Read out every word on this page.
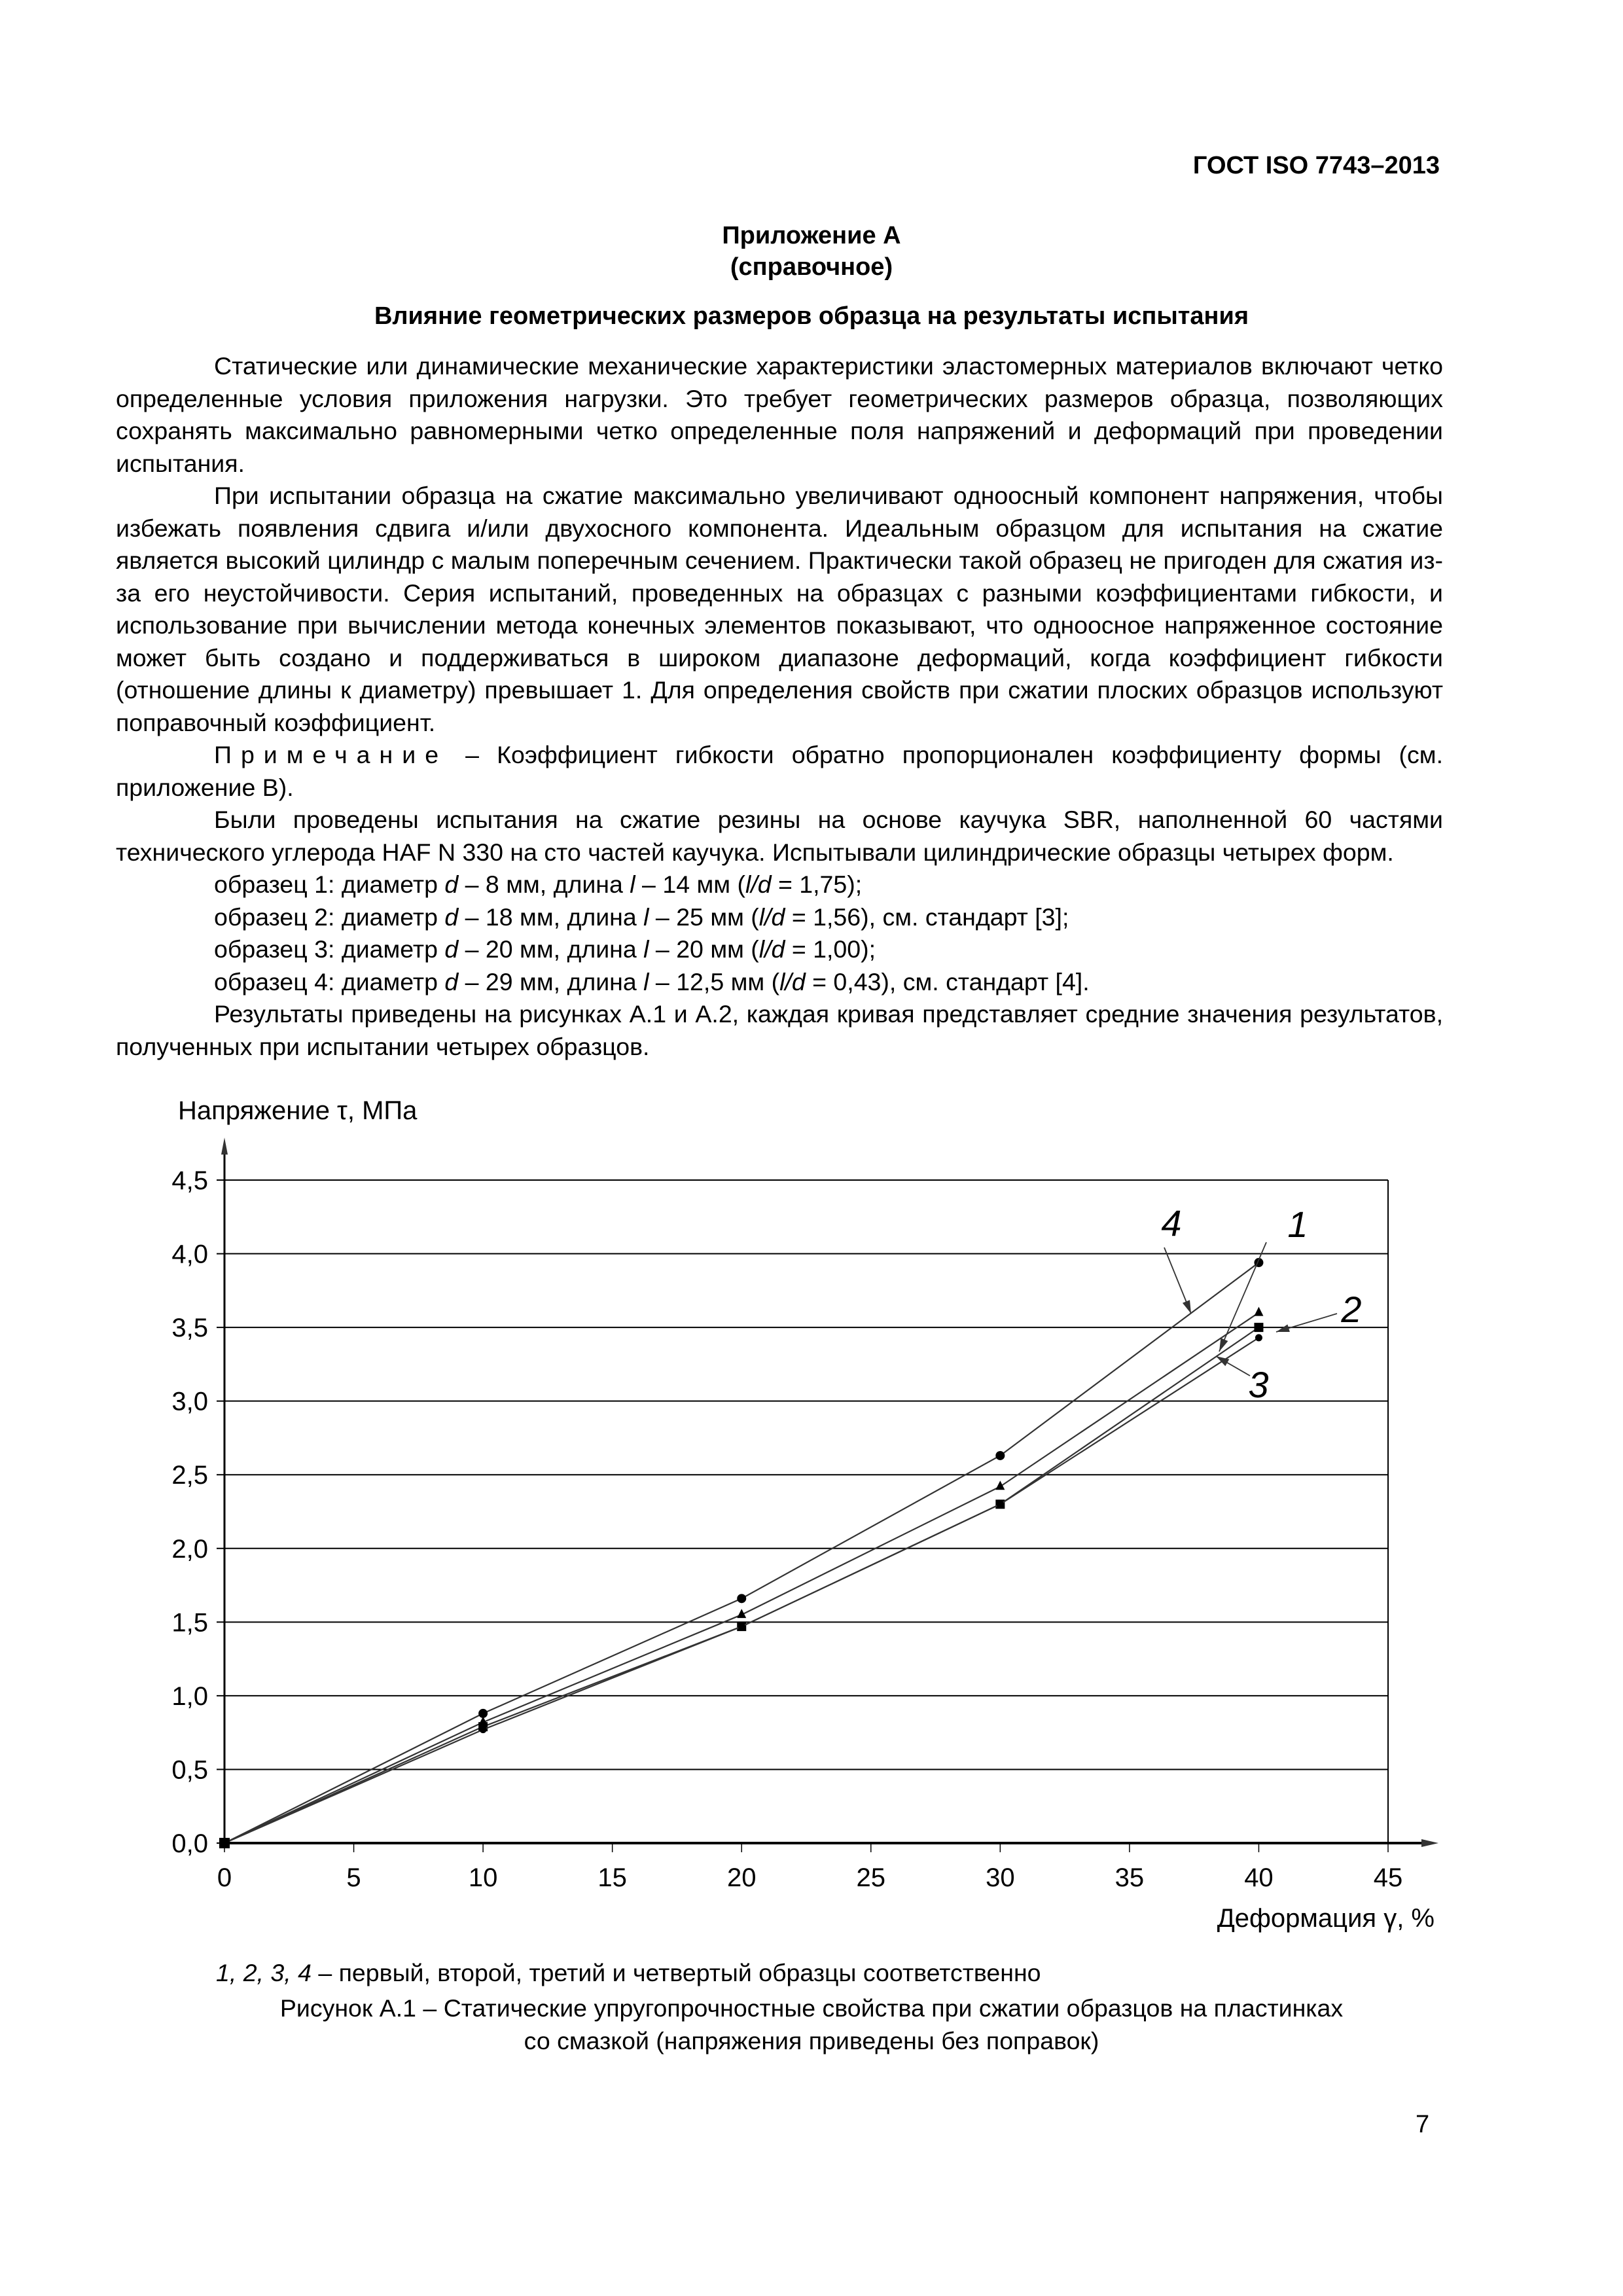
ГОСТ ISO 7743–2013
Приложение А
(справочное)
Влияние геометрических размеров образца на результаты испытания

Статические или динамические механические характеристики эластомерных материалов включают четко определенные условия приложения нагрузки. Это требует геометрических размеров образца, позволяющих сохранять максимально равномерными четко определенные поля напряжений и деформаций при проведении испытания.

При испытании образца на сжатие максимально увеличивают одноосный компонент напряжения, чтобы избежать появления сдвига и/или двухосного компонента. Идеальным образцом для испытания на сжатие является высокий цилиндр с малым поперечным сечением. Практически такой образец не пригоден для сжатия из-за его неустойчивости. Серия испытаний, проведенных на образцах с разными коэффициентами гибкости, и использование при вычислении метода конечных элементов показывают, что одноосное напряженное состояние может быть создано и поддерживаться в широком диапазоне деформаций, когда коэффициент гибкости (отношение длины к диаметру) превышает 1. Для определения свойств при сжатии плоских образцов используют поправочный коэффициент.

Примечание – Коэффициент гибкости обратно пропорционален коэффициенту формы (см. приложение В).

Были проведены испытания на сжатие резины на основе каучука SBR, наполненной 60 частями технического углерода HAF N 330 на сто частей каучука. Испытывали цилиндрические образцы четырех форм.

образец 1: диаметр d – 8 мм, длина l – 14 мм (l/d = 1,75);

образец 2: диаметр d – 18 мм, длина l – 25 мм (l/d = 1,56), см. стандарт [3];

образец 3: диаметр d – 20 мм, длина l – 20 мм (l/d = 1,00);

образец 4: диаметр d – 29 мм, длина l – 12,5 мм (l/d = 0,43), см. стандарт [4].

Результаты приведены на рисунках А.1 и А.2, каждая кривая представляет средние значения результатов, полученных при испытании четырех образцов.

Напряжение τ, МПа
0,0
0,5
1,0
1,5
2,0
2,5
3,0
3,5
4,0
4,5
0	5	10	15	20	25	30	35	40	45
Деформация γ, %
4	1
2
3
1, 2, 3, 4 – первый, второй, третий и четвертый образцы соответственно
Рисунок А.1 – Статические упругопрочностные свойства при сжатии образцов на пластинках
со смазкой (напряжения приведены без поправок)
7
